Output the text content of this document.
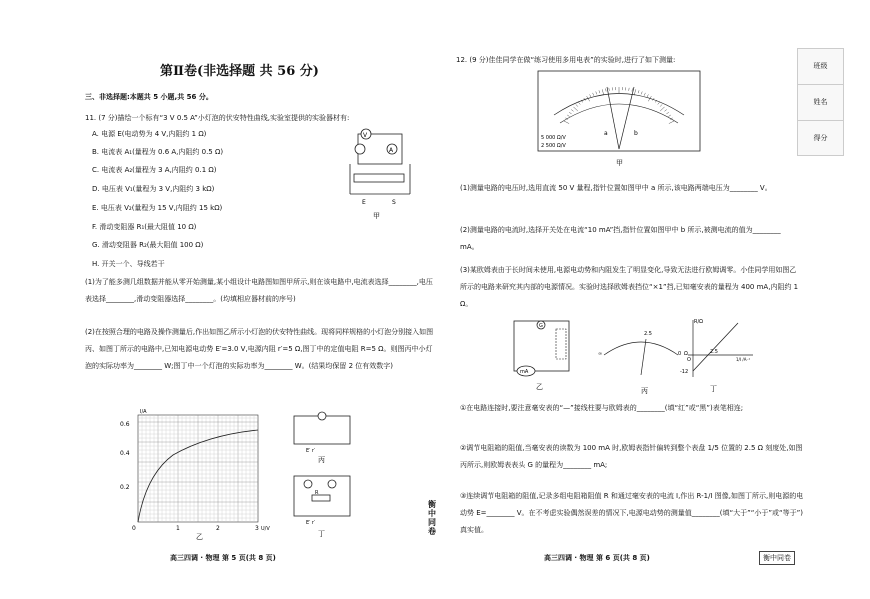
第Ⅱ卷(非选择题 共 56 分)
三、非选择题:本题共 5 小题,共 56 分。
11. (7 分)描绘一个标有“3 V 0.5 A”小灯泡的伏安特性曲线,实验室提供的实验器材有:
A. 电源 E(电动势为 4 V,内阻约 1 Ω)
B. 电流表 A₁(量程为 0.6 A,内阻约 0.5 Ω)
C. 电流表 A₂(量程为 3 A,内阻约 0.1 Ω)
D. 电压表 V₁(量程为 3 V,内阻约 3 kΩ)
E. 电压表 V₂(量程为 15 V,内阻约 15 kΩ)
F. 滑动变阻器 R₁(最大阻值 10 Ω)
G. 滑动变阻器 R₂(最大阻值 100 Ω)
H. 开关一个、导线若干
(1)为了能多测几组数据并能从零开始测量,某小组设计电路图如图甲所示,则在该电路中,电流表选择________,电压表选择________,滑动变阻器选择________。(均填相应器材前的序号)
(2)在按照合理的电路及操作测量后,作出如图乙所示小灯泡的伏安特性曲线。现将同样规格的小灯泡分别接入如图丙、如图丁所示的电路中,已知电源电动势 E′=3.0 V,电源内阻 r′=5 Ω,图丁中的定值电阻 R=5 Ω。则图丙中小灯泡的实际功率为________ W;图丁中一个灯泡的实际功率为________ W。(结果均保留 2 位有效数字)
V
A
E	S
甲
I/A
0.6
0.4
0.2
0	1	2	3 U/V
乙
E′ r′
丙
R
E′ r′
丁
高三四调 · 物理 第 5 页(共 8 页)
衡中同卷
12. (9 分)佳佳同学在做“练习使用多用电表”的实验时,进行了如下测量:
5 000 Ω/V
2 500 Ω/V
a	b
甲
(1)测量电路的电压时,选用直流 50 V 量程,指针位置如图甲中 a 所示,该电路两端电压为________ V。
(2)测量电路的电流时,选择开关处在电流“10 mA”挡,指针位置如图甲中 b 所示,被测电流的值为________ mA。
(3)某欧姆表由于长时间未使用,电源电动势和内阻发生了明显变化,导致无法进行欧姆调零。小佳同学用如图乙所示的电路来研究其内部的电源情况。实验时选择欧姆表挡位“×1”挡,已知毫安表的量程为 400 mA,内阻约 1 Ω。
G
mA
乙
2.5
∞	0 Ω
丙
R/Ω
1/I /A⁻¹
2.5
-12
O
丁
①在电路连接时,要注意毫安表的“—”接线柱要与欧姆表的________(填“红”或“黑”)表笔相连;
②调节电阻箱的阻值,当毫安表的读数为 100 mA 时,欧姆表指针偏转到整个表盘 1/5 位置的 2.5 Ω 刻度处,如图丙所示,则欧姆表表头 G 的量程为________ mA;
③连续调节电阻箱的阻值,记录多组电阻箱阻值 R 和通过毫安表的电流 I,作出 R-1/I 图像,如图丁所示,则电源的电动势 E=________ V。在不考虑实验偶然误差的情况下,电源电动势的测量值________(填“大于”“小于”或“等于”)真实值。
高三四调 · 物理 第 6 页(共 8 页)	衡中同卷
班级
姓名
得分
